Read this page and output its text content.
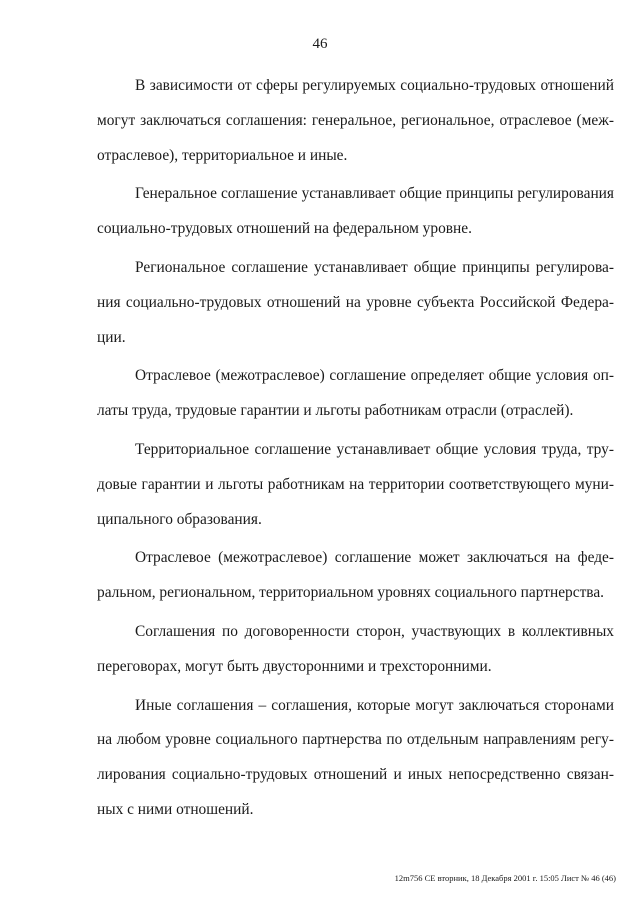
46
В зависимости от сферы регулируемых социально-трудовых отношений
могут заключаться соглашения: генеральное, региональное, отраслевое (меж-
отраслевое), территориальное и иные.
Генеральное соглашение устанавливает общие принципы регулирования
социально-трудовых отношений на федеральном уровне.
Региональное соглашение устанавливает общие принципы регулирова-
ния социально-трудовых отношений на уровне субъекта Российской Федера-
ции.
Отраслевое (межотраслевое) соглашение определяет общие условия оп-
латы труда, трудовые гарантии и льготы работникам отрасли (отраслей).
Территориальное соглашение устанавливает общие условия труда, тру-
довые гарантии и льготы работникам на территории соответствующего муни-
ципального образования.
Отраслевое (межотраслевое) соглашение может заключаться на феде-
ральном, региональном, территориальном уровнях социального партнерства.
Соглашения по договоренности сторон, участвующих в коллективных
переговорах, могут быть двусторонними и трехсторонними.
Иные соглашения – соглашения, которые могут заключаться сторонами
на любом уровне социального партнерства по отдельным направлениям регу-
лирования социально-трудовых отношений и иных непосредственно связан-
ных с ними отношений.
12m756 СЕ вторник, 18 Декабря 2001 г. 15:05 Лист № 46 (46)
